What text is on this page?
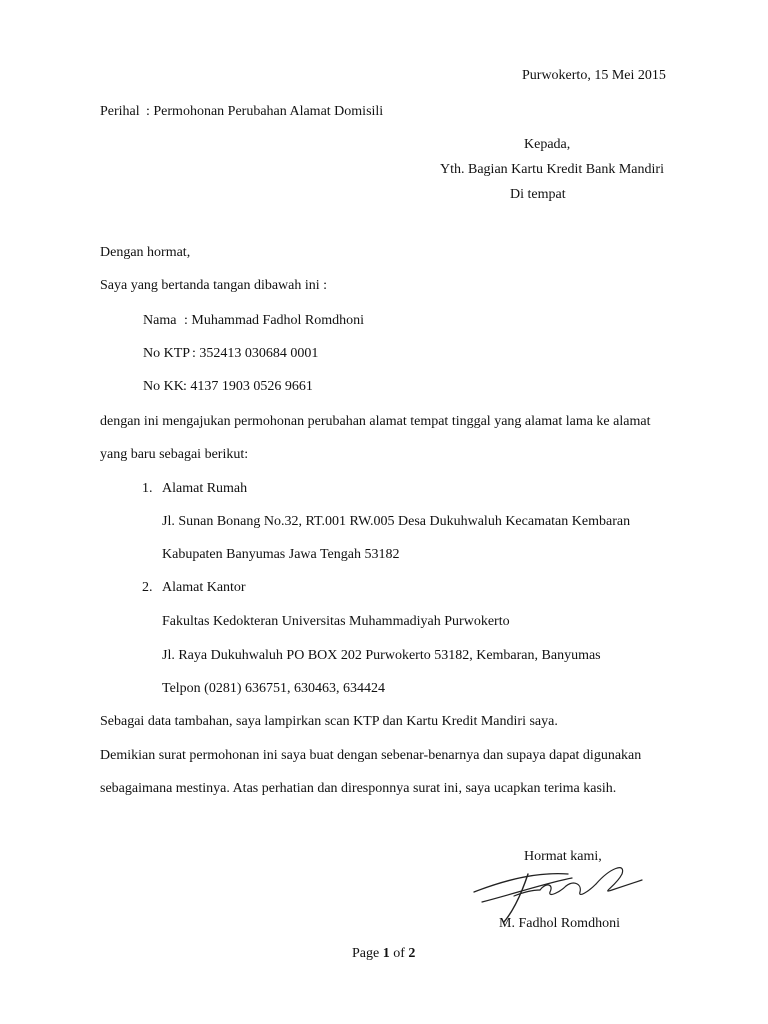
Purwokerto, 15 Mei 2015

Perihal : Permohonan Perubahan Alamat Domisili

Kepada,

Yth. Bagian Kartu Kredit Bank Mandiri

Di tempat

Dengan hormat,

Saya yang bertanda tangan dibawah ini :

Nama : Muhammad Fadhol Romdhoni

No KTP : 352413 030684 0001

No KK : 4137 1903 0526 9661

dengan ini mengajukan permohonan perubahan alamat tempat tinggal yang alamat lama ke alamat

yang baru sebagai berikut:

1. Alamat Rumah

Jl. Sunan Bonang No.32, RT.001 RW.005 Desa Dukuhwaluh Kecamatan Kembaran

Kabupaten Banyumas Jawa Tengah 53182

2. Alamat Kantor

Fakultas Kedokteran Universitas Muhammadiyah Purwokerto

Jl. Raya Dukuhwaluh PO BOX 202 Purwokerto 53182, Kembaran, Banyumas

Telpon (0281) 636751, 630463, 634424

Sebagai data tambahan, saya lampirkan scan KTP dan Kartu Kredit Mandiri saya.

Demikian surat permohonan ini saya buat dengan sebenar-benarnya dan supaya dapat digunakan

sebagaimana mestinya. Atas perhatian dan diresponnya surat ini, saya ucapkan terima kasih.

Hormat kami,

M. Fadhol Romdhoni

Page 1 of 2
